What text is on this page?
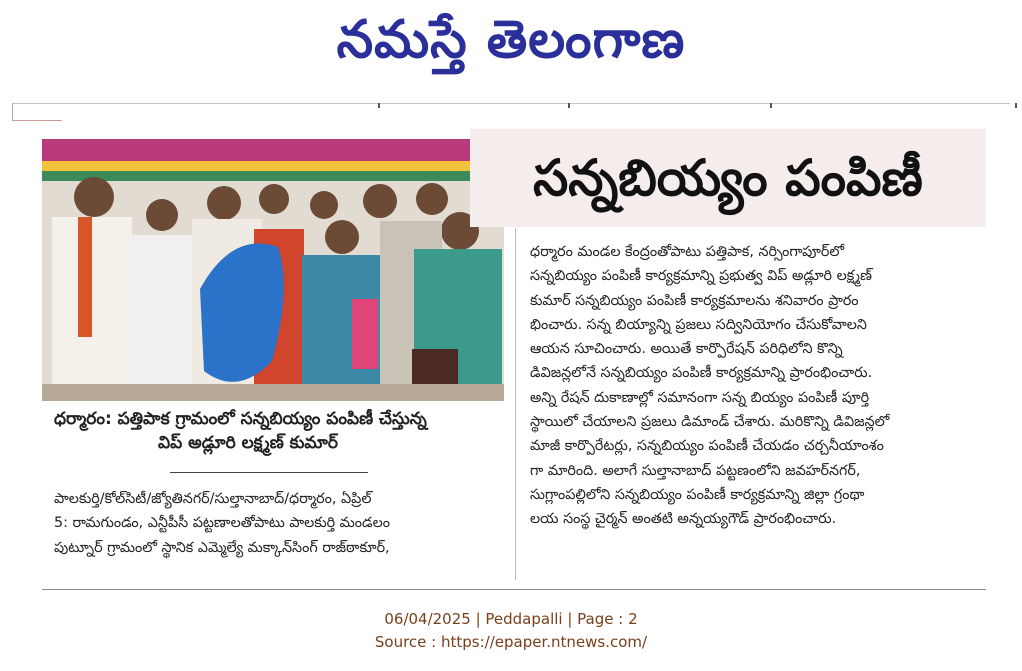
నమస్తే తెలంగాణ
సన్నబియ్యం పంపిణీ
ధర్మారం: పత్తిపాక గ్రామంలో సన్నబియ్యం పంపిణీ చేస్తున్న
విప్ అడ్లూరి లక్ష్మణ్ కుమార్
పాలకుర్తి/కోల్‌సిటీ/జ్యోతినగర్/సుల్తానాబాద్/ధర్మారం, ఏప్రిల్
5: రామగుండం, ఎన్టీపీసీ పట్టణాలతోపాటు పాలకుర్తి మండలం
పుట్నూర్ గ్రామంలో స్థానిక ఎమ్మెల్యే మక్కాన్‌సింగ్ రాజ్‌ఠాకూర్,
ధర్మారం మండల కేంద్రంతోపాటు పత్తిపాక, నర్సింగాపూర్‌లో
సన్నబియ్యం పంపిణీ కార్యక్రమాన్ని ప్రభుత్వ విప్ అడ్లూరి లక్ష్మణ్
కుమార్ సన్నబియ్యం పంపిణీ కార్యక్రమాలను శనివారం ప్రారం
భించారు. సన్న బియ్యాన్ని ప్రజలు సద్వినియోగం చేసుకోవాలని
ఆయన సూచించారు. అయితే కార్పొరేషన్ పరిధిలోని కొన్ని
డివిజన్లలోనే సన్నబియ్యం పంపిణీ కార్యక్రమాన్ని ప్రారంభించారు.
అన్ని రేషన్ దుకాణాల్లో సమానంగా సన్న బియ్యం పంపిణీ పూర్తి
స్థాయిలో చేయాలని ప్రజలు డిమాండ్ చేశారు. మరికొన్ని డివిజన్లలో
మాజీ కార్పొరేటర్లు, సన్నబియ్యం పంపిణీ చేయడం చర్చనీయాంశం
గా మారింది. అలాగే సుల్తానాబాద్ పట్టణంలోని జవహర్‌నగర్,
సుగ్లాంపల్లిలోని సన్నబియ్యం పంపిణీ కార్యక్రమాన్ని జిల్లా గ్రంథా
లయ సంస్థ చైర్మన్ అంతటి అన్నయ్యగౌడ్ ప్రారంభించారు.
06/04/2025 | Peddapalli | Page : 2
Source : https://epaper.ntnews.com/
